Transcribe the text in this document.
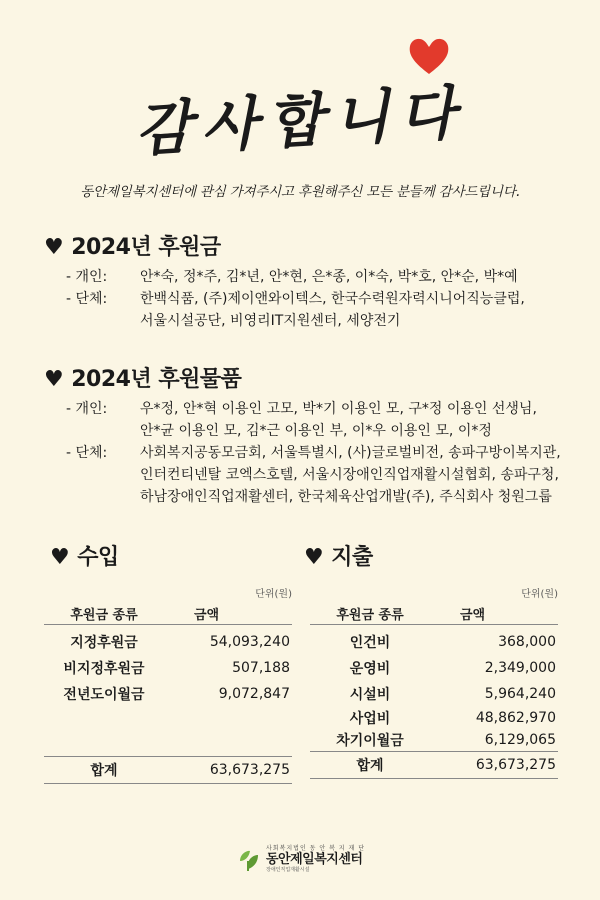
감사합니다
동안제일복지센터에 관심 가져주시고 후원해주신 모든 분들께 감사드립니다.
♥ 2024년 후원금
- 개인: 안*숙, 정*주, 김*년, 안*현, 은*종, 이*숙, 박*호, 안*순, 박*예
- 단체: 한백식품, (주)제이앤와이텍스, 한국수력원자력시니어직능클럽,
서울시설공단, 비영리IT지원센터, 세양전기
♥ 2024년 후원물품
- 개인: 우*정, 안*혁 이용인 고모, 박*기 이용인 모, 구*정 이용인 선생님,
안*균 이용인 모, 김*근 이용인 부, 이*우 이용인 모, 이*정
- 단체: 사회복지공동모금회, 서울특별시, (사)글로벌비전, 송파구방이복지관,
인터컨티넨탈 코엑스호텔, 서울시장애인직업재활시설협회, 송파구청,
하남장애인직업재활센터, 한국체육산업개발(주), 주식회사 청원그룹
♥ 수입
단위(원)
후원금 종류	금액
지정후원금	54,093,240
비지정후원금	507,188
전년도이월금	9,072,847
합계	63,673,275
♥ 지출
단위(원)
후원금 종류	금액
인건비	368,000
운영비	2,349,000
시설비	5,964,240
사업비	48,862,970
차기이월금	6,129,065
합계	63,673,275
사회복지법인 동 안 복 지 재 단
동안제일복지센터
장애인직업재활시설
